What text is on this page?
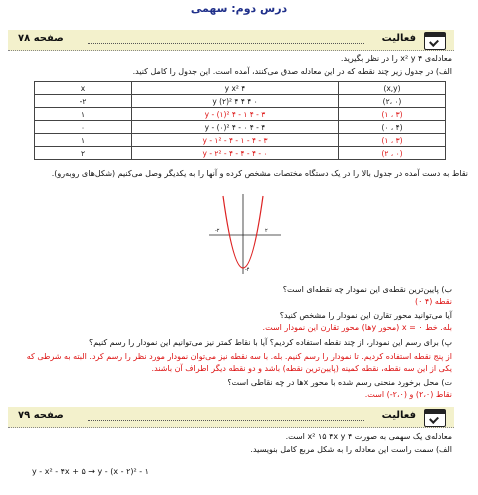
درس دوم: سهمی
فعالیت
صفحه ۷۸
معادله‌ی ۴ x² y را در نظر بگیرید.
الف) در جدول زیر چند نقطه که در این معادله صدق می‌کنند، آمده است. این جدول را کامل کنید.
x	y x² ۴	(x,y)
-۲	y (۲)² ۴ ۴ ۴ ۰	(۲، ۰)
۱	y - (۱)² ۴ - ۱ ۴ - ۳	(۱ ، ۳)
۰	y - (۰)² ۴ - ۰ ۴ - ۴	(۰ ، ۴)
۱	y - ۱² - ۴ - ۱ - ۴ - ۳	(۱ ، ۳)
۲	y - ۲² - ۴ - ۴ - ۴ - ۰	(۲ ، ۰)
نقاط به دست آمده در جدول بالا را در یک دستگاه مختصات مشخص کرده و آنها را به یکدیگر وصل می‌کنیم (شکل‌های روبه‌رو).
-۲	۲
-۴
ب) پایین‌ترین نقطه‌ی این نمودار چه نقطه‌ای است؟
نقطه (۴ ۰)
آیا می‌توانید محور تقارن این نمودار را مشخص کنید؟
بله. خط ۰ = x (محور yها) محور تقارن این نمودار است.
پ) برای رسم این نمودار، از چند نقطه استفاده کردیم؟ آیا با نقاط کمتر نیز می‌توانیم این نمودار را رسم کنیم؟
از پنج نقطه استفاده کردیم. تا نمودار را رسم کنیم. بله. با سه نقطه نیز می‌توان نمودار مورد نظر را رسم کرد. البته به شرطی که
یکی از این سه نقطه، نقطه کمینه (پایین‌ترین نقطه) باشد و دو نقطه دیگر اطراف آن باشند.
ت) محل برخورد منحنی رسم شده با محور xها در چه نقاطی است؟
نقاط (۲،۰) و (۲،۰-) است.
فعالیت
صفحه ۷۹
معادله‌ی یک سهمی به صورت ۴ x² ۱۵ ۴x y است.
الف) سمت راست این معادله را به شکل مربع کامل بنویسید.
y - x² - ۴x + ۵ → y - (x - ۲)² - ۱
